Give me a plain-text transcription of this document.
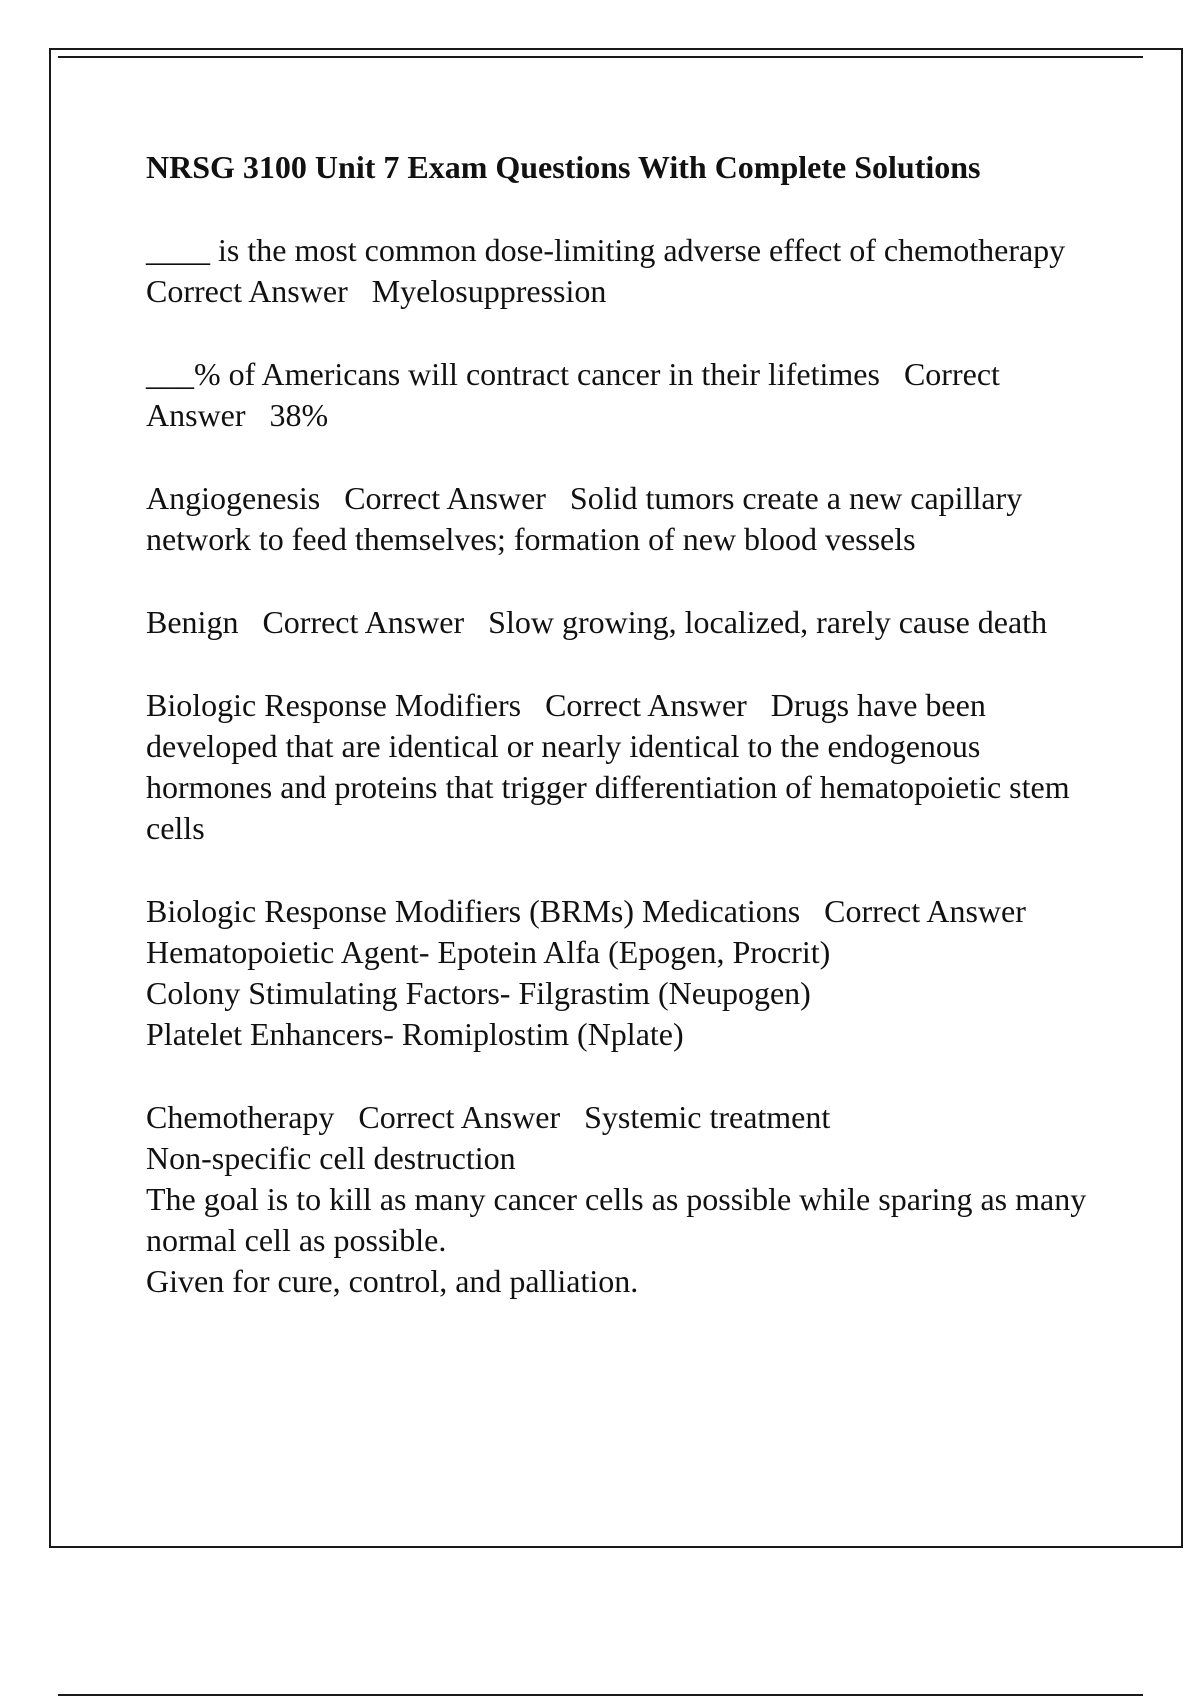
NRSG 3100 Unit 7 Exam Questions With Complete Solutions

____ is the most common dose-limiting adverse effect of chemotherapy   Correct Answer Myelosuppression

___% of Americans will contract cancer in their lifetimes Correct Answer 38%

Angiogenesis Correct Answer Solid tumors create a new capillary network to feed themselves; formation of new blood vessels

Benign Correct Answer Slow growing, localized, rarely cause death

Biologic Response Modifiers Correct Answer Drugs have been developed that are identical or nearly identical to the endogenous hormones and proteins that trigger differentiation of hematopoietic stem cells

Biologic Response Modifiers (BRMs) Medications Correct Answer   Hematopoietic Agent- Epotein Alfa (Epogen, Procrit)
Colony Stimulating Factors- Filgrastim (Neupogen)
Platelet Enhancers- Romiplostim (Nplate)

Chemotherapy Correct Answer Systemic treatment
Non-specific cell destruction
The goal is to kill as many cancer cells as possible while sparing as many normal cell as possible.
Given for cure, control, and palliation.
